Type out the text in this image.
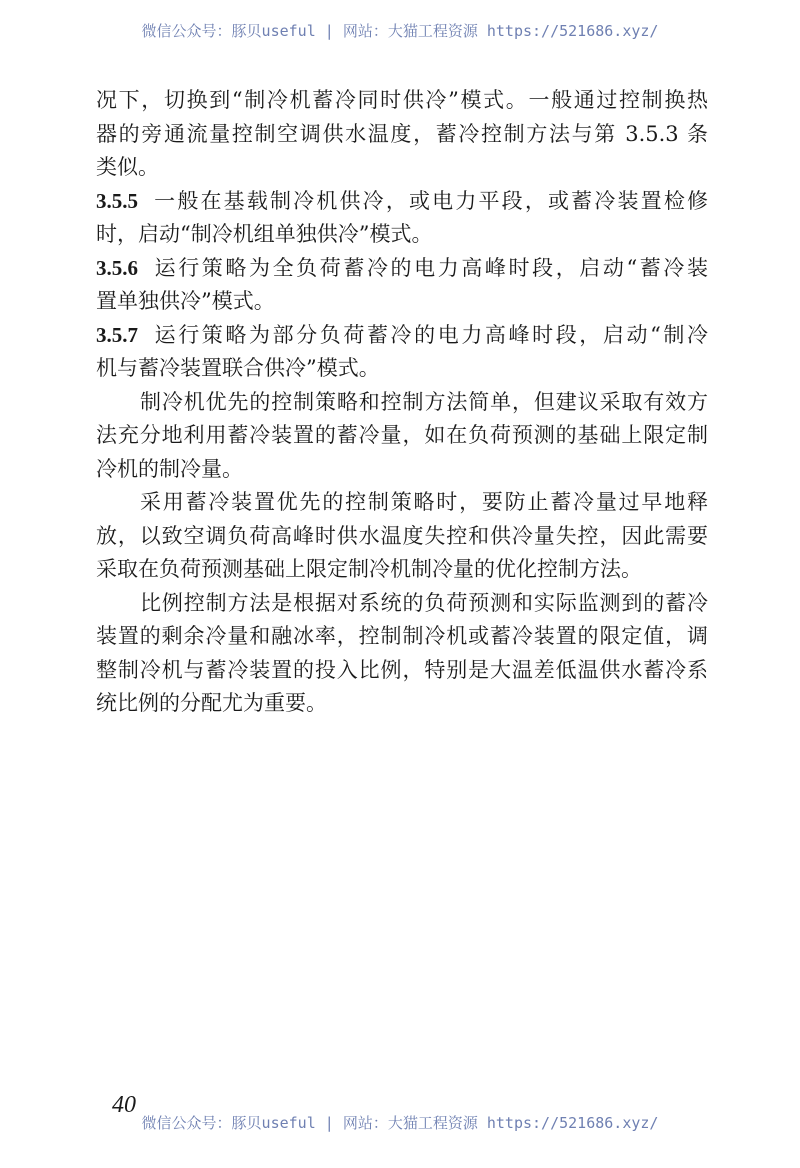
微信公众号：豚贝useful | 网站：大猫工程资源 https://521686.xyz/
况下，切换到“制冷机蓄冷同时供冷”模式。一般通过控制换热
器的旁通流量控制空调供水温度，蓄冷控制方法与第 3.5.3 条
类似。
3.5.5 一般在基载制冷机供冷，或电力平段，或蓄冷装置检修
时，启动“制冷机组单独供冷”模式。
3.5.6 运行策略为全负荷蓄冷的电力高峰时段，启动“蓄冷装
置单独供冷”模式。
3.5.7 运行策略为部分负荷蓄冷的电力高峰时段，启动“制冷
机与蓄冷装置联合供冷”模式。
制冷机优先的控制策略和控制方法简单，但建议采取有效方
法充分地利用蓄冷装置的蓄冷量，如在负荷预测的基础上限定制
冷机的制冷量。
采用蓄冷装置优先的控制策略时，要防止蓄冷量过早地释
放，以致空调负荷高峰时供水温度失控和供冷量失控，因此需要
采取在负荷预测基础上限定制冷机制冷量的优化控制方法。
比例控制方法是根据对系统的负荷预测和实际监测到的蓄冷
装置的剩余冷量和融冰率，控制制冷机或蓄冷装置的限定值，调
整制冷机与蓄冷装置的投入比例，特别是大温差低温供水蓄冷系
统比例的分配尤为重要。
40
微信公众号：豚贝useful | 网站：大猫工程资源 https://521686.xyz/
